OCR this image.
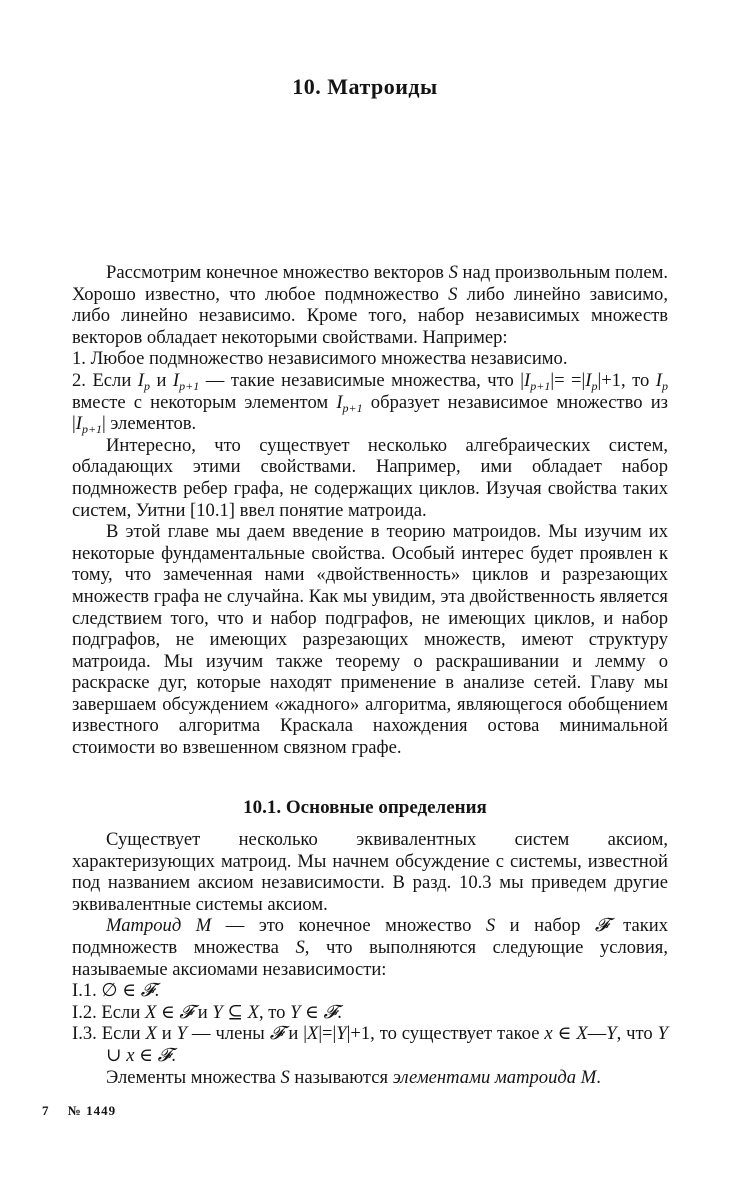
10. Матроиды

Рассмотрим конечное множество векторов S над произвольным полем. Хорошо известно, что любое подмножество S либо линейно зависимо, либо линейно независимо. Кроме того, набор независимых множеств векторов обладает некоторыми свойствами. Например:

1. Любое подмножество независимого множества независимо.

2. Если $I_p$ и $I_{p+1}$ — такие независимые множества, что $|I_{p+1}|= =|I_p|+1$, то $I_p$ вместе с некоторым элементом $I_{p+1}$ образует независимое множество из $|I_{p+1}|$ элементов.

Интересно, что существует несколько алгебраических систем, обладающих этими свойствами. Например, ими обладает набор подмножеств ребер графа, не содержащих циклов. Изучая свойства таких систем, Уитни [10.1] ввел понятие матроида.

В этой главе мы даем введение в теорию матроидов. Мы изучим их некоторые фундаментальные свойства. Особый интерес будет проявлен к тому, что замеченная нами «двойственность» циклов и разрезающих множеств графа не случайна. Как мы увидим, эта двойственность является следствием того, что и набор подграфов, не имеющих циклов, и набор подграфов, не имеющих разрезающих множеств, имеют структуру матроида. Мы изучим также теорему о раскрашивании и лемму о раскраске дуг, которые находят применение в анализе сетей. Главу мы завершаем обсуждением «жадного» алгоритма, являющегося обобщением известного алгоритма Краскала нахождения остова минимальной стоимости во взвешенном связном графе.

10.1. Основные определения

Существует несколько эквивалентных систем аксиом, характеризующих матроид. Мы начнем обсуждение с системы, известной под названием аксиом независимости. В разд. 10.3 мы приведем другие эквивалентные системы аксиом.

Матроид M — это конечное множество S и набор 𝓕 таких подмножеств множества S, что выполняются следующие условия, называемые аксиомами независимости:

I.1. ∅ ∈ 𝓕.

I.2. Если X ∈ 𝓕 и Y ⊆ X, то Y ∈ 𝓕.

I.3. Если X и Y — члены 𝓕 и |X|=|Y|+1, то существует такое x ∈ X—Y, что Y ∪ x ∈ 𝓕.

Элементы множества S называются элементами матроида M.

7 № 1449
